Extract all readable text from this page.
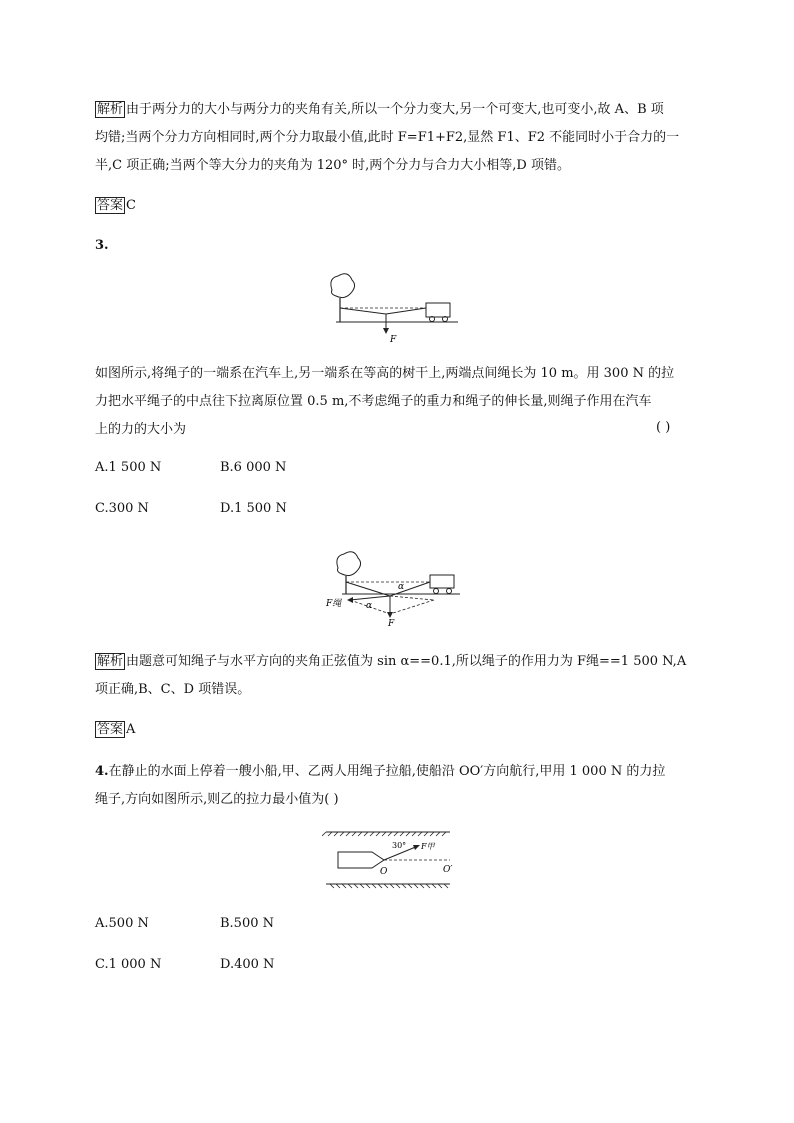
解析 由于两分力的大小与两分力的夹角有关,所以一个分力变大,另一个可变大,也可变小,故 A、B 项
均错;当两个分力方向相同时,两个分力取最小值,此时 F=F1+F2,显然 F1、F2 不能同时小于合力的一
半,C 项正确;当两个等大分力的夹角为 120° 时,两个分力与合力大小相等,D 项错。
答案 C
3.
F
如图所示,将绳子的一端系在汽车上,另一端系在等高的树干上,两端点间绳长为 10 m。用 300 N 的拉
力把水平绳子的中点往下拉离原位置 0.5 m,不考虑绳子的重力和绳子的伸长量,则绳子作用在汽车
上的力的大小为	( )
A.1 500 N	B.6 000 N
C.300 N	D.1 500 N
α
α
F绳
F
解析 由题意可知绳子与水平方向的夹角正弦值为 sin α==0.1,所以绳子的作用力为 F绳==1 500 N,A
项正确,B、C、D 项错误。
答案 A
4.在静止的水面上停着一艘小船,甲、乙两人用绳子拉船,使船沿 OO′方向航行,甲用 1 000 N 的力拉
绳子,方向如图所示,则乙的拉力最小值为( )
30° F甲
O	O′
A.500 N	B.500 N
C.1 000 N	D.400 N
